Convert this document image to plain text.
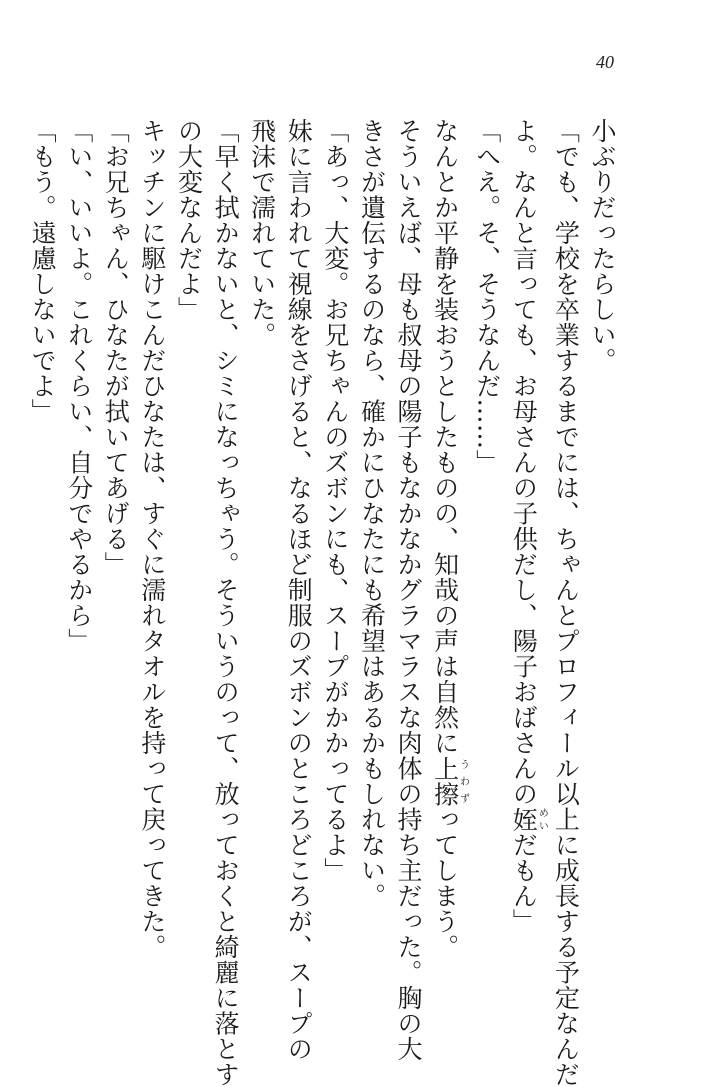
40
小ぶりだったらしい。
「でも、学校を卒業するまでには、ちゃんとプロフィール以上に成長する予定なんだ
よ。なんと言っても、お母さんの子供だし、陽子おばさんの姪めいだもん」
「へえ。そ、そうなんだ……」
なんとか平静を装おうとしたものの、知哉の声は自然に上擦うわずってしまう。
そういえば、母も叔母の陽子もなかなかグラマラスな肉体の持ち主だった。胸の大
きさが遺伝するのなら、確かにひなたにも希望はあるかもしれない。
「あっ、大変。お兄ちゃんのズボンにも、スープがかかってるよ」
妹に言われて視線をさげると、なるほど制服のズボンのところどころが、スープの
飛沫で濡れていた。
「早く拭かないと、シミになっちゃう。そういうのって、放っておくと綺麗に落とす
の大変なんだよ」
キッチンに駆けこんだひなたは、すぐに濡れタオルを持って戻ってきた。
「お兄ちゃん、ひなたが拭いてあげる」
「い、いいよ。これくらい、自分でやるから」
「もう。遠慮しないでよ」
